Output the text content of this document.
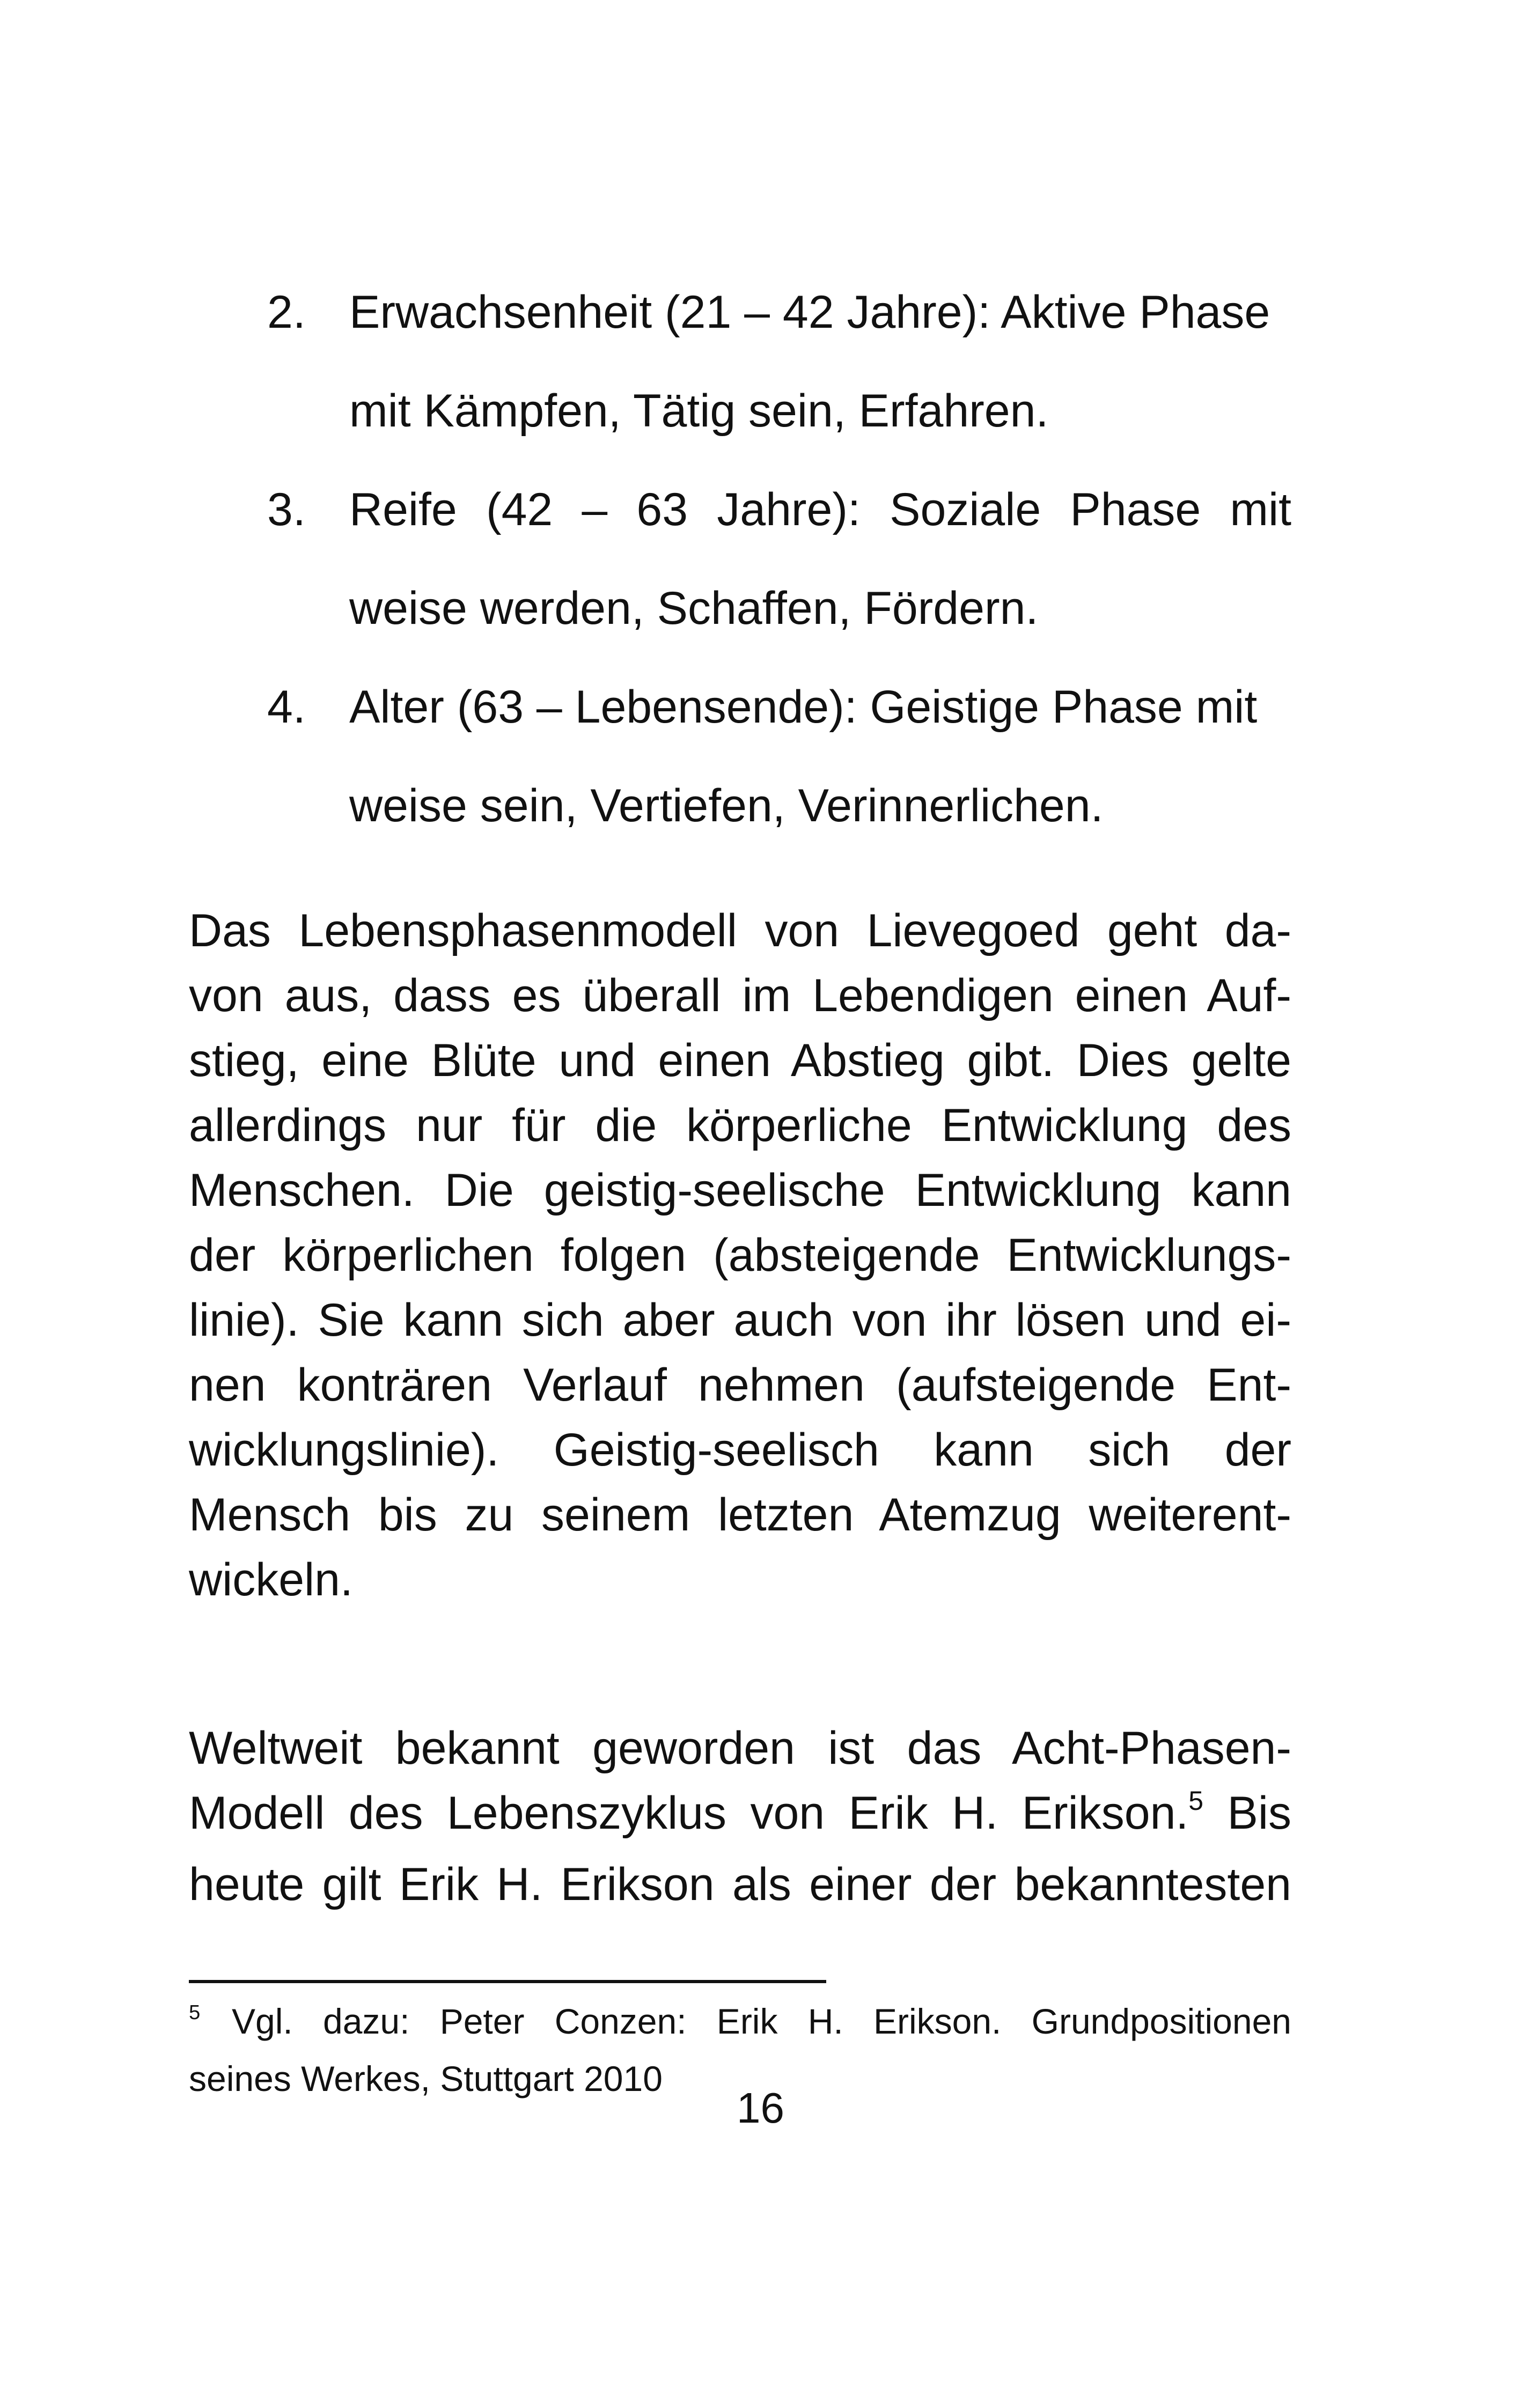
2. Erwachsenheit (21 – 42 Jahre): Aktive Phase
mit Kämpfen, Tätig sein, Erfahren.
3. Reife (42 – 63 Jahre): Soziale Phase mit
weise werden, Schaffen, Fördern.
4. Alter (63 – Lebensende): Geistige Phase mit
weise sein, Vertiefen, Verinnerlichen.
Das Lebensphasenmodell von Lievegoed geht da-
von aus, dass es überall im Lebendigen einen Auf-
stieg, eine Blüte und einen Abstieg gibt. Dies gelte
allerdings nur für die körperliche Entwicklung des
Menschen. Die geistig-seelische Entwicklung kann
der körperlichen folgen (absteigende Entwicklungs-
linie). Sie kann sich aber auch von ihr lösen und ei-
nen konträren Verlauf nehmen (aufsteigende Ent-
wicklungslinie). Geistig-seelisch kann sich der
Mensch bis zu seinem letzten Atemzug weiterent-
wickeln.
Weltweit bekannt geworden ist das Acht-Phasen-
Modell des Lebenszyklus von Erik H. Erikson.$^5$ Bis
heute gilt Erik H. Erikson als einer der bekanntesten
$^5$ Vgl. dazu: Peter Conzen: Erik H. Erikson. Grundpositionen
seines Werkes, Stuttgart 2010
16
